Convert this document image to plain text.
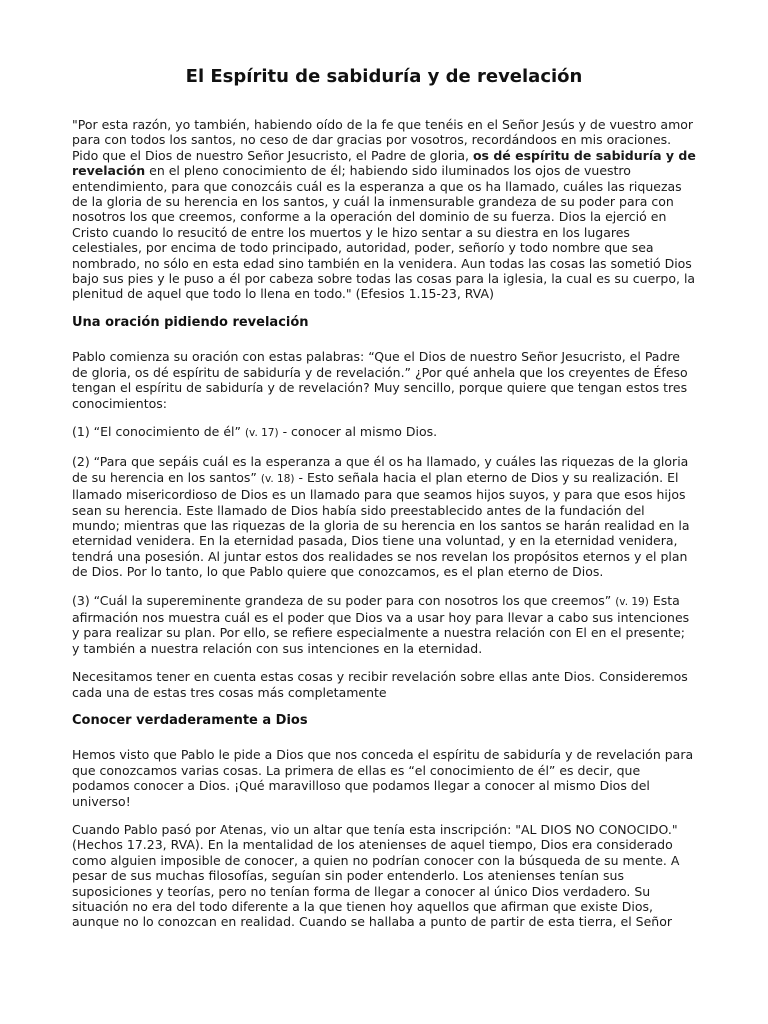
El Espíritu de sabiduría y de revelación

"Por esta razón, yo también, habiendo oído de la fe que tenéis en el Señor Jesús y de vuestro amor para con todos los santos, no ceso de dar gracias por vosotros, recordándoos en mis oraciones. Pido que el Dios de nuestro Señor Jesucristo, el Padre de gloria, os dé espíritu de sabiduría y de revelación en el pleno conocimiento de él; habiendo sido iluminados los ojos de vuestro entendimiento, para que conozcáis cuál es la esperanza a que os ha llamado, cuáles las riquezas de la gloria de su herencia en los santos, y cuál la inmensurable grandeza de su poder para con nosotros los que creemos, conforme a la operación del dominio de su fuerza. Dios la ejerció en Cristo cuando lo resucitó de entre los muertos y le hizo sentar a su diestra en los lugares celestiales, por encima de todo principado, autoridad, poder, señorío y todo nombre que sea nombrado, no sólo en esta edad sino también en la venidera. Aun todas las cosas las sometió Dios bajo sus pies y le puso a él por cabeza sobre todas las cosas para la iglesia, la cual es su cuerpo, la plenitud de aquel que todo lo llena en todo." (Efesios 1.15-23, RVA)

Una oración pidiendo revelación

Pablo comienza su oración con estas palabras: “Que el Dios de nuestro Señor Jesucristo, el Padre de gloria, os dé espíritu de sabiduría y de revelación.” ¿Por qué anhela que los creyentes de Éfeso tengan el espíritu de sabiduría y de revelación? Muy sencillo, porque quiere que tengan estos tres conocimientos:

(1) “El conocimiento de él” (v. 17) - conocer al mismo Dios.

(2) “Para que sepáis cuál es la esperanza a que él os ha llamado, y cuáles las riquezas de la gloria de su herencia en los santos” (v. 18) - Esto señala hacia el plan eterno de Dios y su realización. El llamado misericordioso de Dios es un llamado para que seamos hijos suyos, y para que esos hijos sean su herencia. Este llamado de Dios había sido preestablecido antes de la fundación del mundo; mientras que las riquezas de la gloria de su herencia en los santos se harán realidad en la eternidad venidera. En la eternidad pasada, Dios tiene una voluntad, y en la eternidad venidera, tendrá una posesión. Al juntar estos dos realidades se nos revelan los propósitos eternos y el plan de Dios. Por lo tanto, lo que Pablo quiere que conozcamos, es el plan eterno de Dios.

(3) “Cuál la supereminente grandeza de su poder para con nosotros los que creemos” (v. 19) Esta afirmación nos muestra cuál es el poder que Dios va a usar hoy para llevar a cabo sus intenciones y para realizar su plan. Por ello, se refiere especialmente a nuestra relación con El en el presente; y también a nuestra relación con sus intenciones en la eternidad.

Necesitamos tener en cuenta estas cosas y recibir revelación sobre ellas ante Dios. Consideremos cada una de estas tres cosas más completamente

Conocer verdaderamente a Dios

Hemos visto que Pablo le pide a Dios que nos conceda el espíritu de sabiduría y de revelación para que conozcamos varias cosas. La primera de ellas es “el conocimiento de él” es decir, que podamos conocer a Dios. ¡Qué maravilloso que podamos llegar a conocer al mismo Dios del universo!

Cuando Pablo pasó por Atenas, vio un altar que tenía esta inscripción: "AL DIOS NO CONOCIDO." (Hechos 17.23, RVA). En la mentalidad de los atenienses de aquel tiempo, Dios era considerado como alguien imposible de conocer, a quien no podrían conocer con la búsqueda de su mente. A pesar de sus muchas filosofías, seguían sin poder entenderlo. Los atenienses tenían sus suposiciones y teorías, pero no tenían forma de llegar a conocer al único Dios verdadero. Su situación no era del todo diferente a la que tienen hoy aquellos que afirman que existe Dios, aunque no lo conozcan en realidad. Cuando se hallaba a punto de partir de esta tierra, el Señor
